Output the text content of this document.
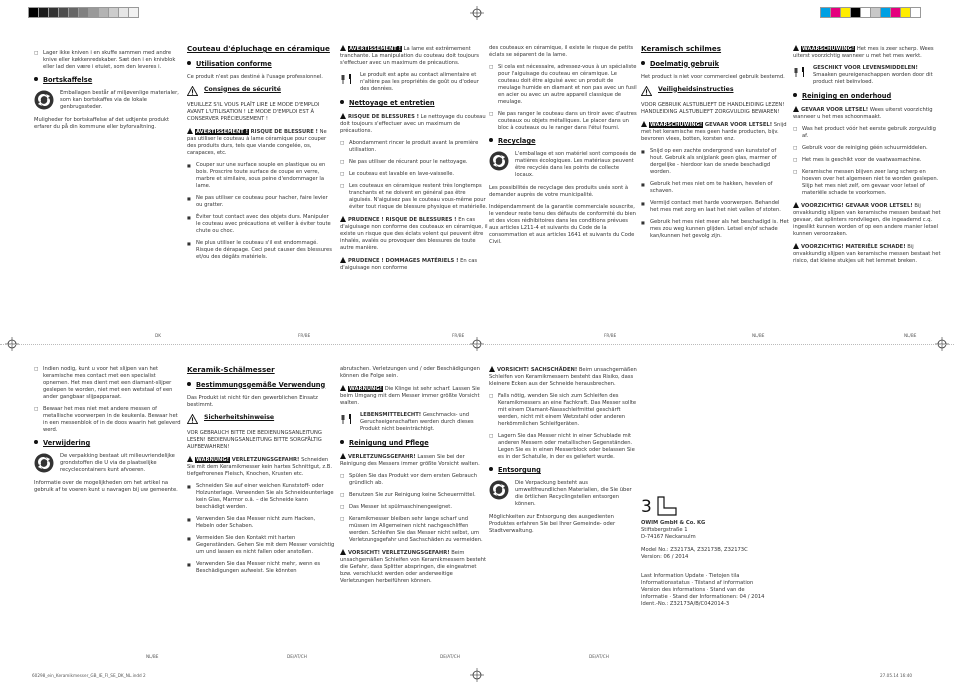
□ Lager ikke kniven i en skuffe sammen med andre knive eller køkkenredskaber. Sæt den i en knivblok eller lad den være i etuiet, som den leveres i.

Bortskaffelse
Emballagen består af miljøvenlige materialer, som kan bortskaffes via de lokale genbrugssteder.

Muligheder for bortskaffelse af det udtjente produkt erfarer du på din kommune eller byforvaltning.

DK
Couteau d'épluchage en céramique
Utilisation conforme

Ce produit n'est pas destiné à l'usage professionnel.

Consignes de sécurité

VEUILLEZ S'IL VOUS PLAÎT LIRE LE MODE D'EMPLOI AVANT L'UTILISATION ! LE MODE D'EMPLOI EST À CONSERVER PRÉCIEUSEMENT !

AVERTISSEMENT ! RISQUE DE BLESSURE ! Ne pas utiliser le couteau à lame céramique pour couper des produits durs, tels que viande congelée, os, carapaces, etc.

■ Couper sur une surface souple en plastique ou en bois. Proscrire toute surface de coupe en verre, marbre et similaire, sous peine d'endommager la lame.

■ Ne pas utiliser ce couteau pour hacher, faire levier ou gratter.

■ Éviter tout contact avec des objets durs. Manipuler le couteau avec précautions et veiller à éviter toute chute ou choc.

■ Ne plus utiliser le couteau s'il est endommagé. Risque de dérapage. Ceci peut causer des blessures et/ou des dégâts matériels.

FR/BE

AVERTISSEMENT ! La lame est extrêmement tranchante. La manipulation du couteau doit toujours s'effectuer avec un maximum de précautions.

Le produit est apte au contact alimentaire et n'altère pas les propriétés de goût ou d'odeur des denrées.
Nettoyage et entretien

RISQUE DE BLESSURES ! Le nettoyage du couteau doit toujours s'effectuer avec un maximum de précautions.

□ Abondamment rincer le produit avant la première utilisation.

□ Ne pas utiliser de récurant pour le nettoyage.

□ Le couteau est lavable en lave-vaisselle.

□ Les couteaux en céramique restent très longtemps tranchants et ne doivent en général pas être aiguisés. N'aiguisez pas le couteau vous-même pour éviter tout risque de blessure physique et matérielle.

PRUDENCE ! RISQUE DE BLESSURES ! En cas d'aiguisage non conforme des couteaux en céramique, il existe un risque que des éclats volent qui peuvent être inhalés, avalés ou provoquer des blessures de toute autre manière.

PRUDENCE ! DOMMAGES MATÉRIELS ! En cas d'aiguisage non conforme

FR/BE

des couteaux en céramique, il existe le risque de petits éclats se séparent de la lame.

□ Si cela est nécessaire, adressez-vous à un spécialiste pour l'aiguisage du couteau en céramique. Le couteau doit être aiguisé avec un produit de meulage humide en diamant et non pas avec un fusil en acier ou avec un autre appareil classique de meulage.

□ Ne pas ranger le couteau dans un tiroir avec d'autres couteaux ou objets métalliques. Le placer dans un bloc à couteaux ou le ranger dans l'étui fourni.

Recyclage
L'emballage et son matériel sont composés de matières écologiques. Les matériaux peuvent être recyclés dans les points de collecte locaux.

Les possibilités de recyclage des produits usés sont à demander auprès de votre municipalité.

Indépendamment de la garantie commerciale souscrite, le vendeur reste tenu des défauts de conformité du bien et des vices rédhibitoires dans les conditions prévues aux articles L211-4 et suivants du Code de la consommation et aux articles 1641 et suivants du Code Civil.

FR/BE
Keramisch schilmes
Doelmatig gebruik

Het product is niet voor commercieel gebruik bestemd.

Veiligheidsinstructies

VOOR GEBRUIK ALSTUBLIEFT DE HANDLEIDING LEZEN! HANDLEIDING ALSTUBLIEFT ZORGVULDIG BEWAREN!

WAARSCHUWING! GEVAAR VOOR LETSEL! Snijd met het keramische mes geen harde producten, bijv. bevroren vlees, botten, korsten enz.

■ Snijd op een zachte ondergrond van kunststof of hout. Gebruik als snijplank geen glas, marmer of dergelijke - hierdoor kan de snede beschadigd worden.

■ Gebruik het mes niet om te hakken, hevelen of schaven.

■ Vermijd contact met harde voorwerpen. Behandel het mes met zorg en laat het niet vallen of stoten.

■ Gebruik het mes niet meer als het beschadigd is. Het mes zou weg kunnen glijden. Letsel en/of schade kan/kunnen het gevolg zijn.

NL/BE

WAARSCHUWING! Het mes is zeer scherp. Wees uiterst voorzichtig wanneer u met het mes werkt.

GESCHIKT VOOR LEVENSMIDDELEN! Smaaken geureigenschappen worden door dit product niet beïnvloed.
Reiniging en onderhoud

GEVAAR VOOR LETSEL! Wees uiterst voorzichtig wanneer u het mes schoonmaakt.

□ Was het product vóór het eerste gebruik zorgvuldig af.

□ Gebruik voor de reiniging géén schuurmiddelen.

□ Het mes is geschikt voor de vaatwasmachine.

□ Keramische messen blijven zeer lang scherp en hoeven over het algemeen niet te worden geslepen. Slijp het mes niet zelf, om gevaar voor letsel of materiële schade te voorkomen.

VOORZICHTIG! GEVAAR VOOR LETSEL! Bij onvakkundig slijpen van keramische messen bestaat het gevaar, dat splinters rondvliegen, die ingeademd c.q. ingeslikt kunnen worden of op een andere manier letsel kunnen veroorzaken.

VOORZICHTIG! MATERIËLE SCHADE! Bij onvakkundig slijpen van keramische messen bestaat het risico, dat kleine stukjes uit het lemmet breken.

NL/BE

□ Indien nodig, kunt u voor het slijpen van het keramische mes contact met een specialist opnemen. Het mes dient met een diamant-slijper geslepen te worden, niet met een wetstaal of een ander gangbaar slijpapparaat.

□ Bewaar het mes niet met andere messen of metallische voorwerpen in de keukenla. Bewaar het in een messenblok of in de doos waarin het geleverd werd.

Verwijdering
De verpakking bestaat uit milieuvriendelijke grondstoffen die U via de plaatselijke recyclecontainers kunt afvoeren.

Informatie over de mogelijkheden om het artikel na gebruik af te voeren kunt u navragen bij uw gemeente.

NL/BE
Keramik-Schälmesser
Bestimmungsgemäße Verwendung

Das Produkt ist nicht für den gewerblichen Einsatz bestimmt.

Sicherheitshinweise

VOR GEBRAUCH BITTE DIE BEDIENUNGSANLEITUNG LESEN! BEDIENUNGSANLEITUNG BITTE SORGFÄLTIG AUFBEWAHREN!

WARNUNG! VERLETZUNGSGEFAHR! Schneiden Sie mit dem Keramikmesser kein hartes Schnittgut, z.B. tiefgefrorenes Fleisch, Knochen, Krusten etc.

■ Schneiden Sie auf einer weichen Kunststoff- oder Holzunterlage. Verwenden Sie als Schneideunterlage kein Glas, Marmor o.ä. – die Schneide kann beschädigt werden.

■ Verwenden Sie das Messer nicht zum Hacken, Hebeln oder Schaben.

■ Vermeiden Sie den Kontakt mit harten Gegenständen. Gehen Sie mit dem Messer vorsichtig um und lassen es nicht fallen oder anstoßen.

■ Verwenden Sie das Messer nicht mehr, wenn es Beschädigungen aufweist. Sie könnten

DE/AT/CH

abrutschen. Verletzungen und / oder Beschädigungen können die Folge sein.

WARNUNG! Die Klinge ist sehr scharf. Lassen Sie beim Umgang mit dem Messer immer größte Vorsicht walten.

LEBENSMITTELECHT! Geschmacks- und Geruchseigenschaften werden durch dieses Produkt nicht beeinträchtigt.
Reinigung und Pflege

VERLETZUNGSGEFAHR! Lassen Sie bei der Reinigung des Messers immer größte Vorsicht walten.

□ Spülen Sie das Produkt vor dem ersten Gebrauch gründlich ab.

□ Benutzen Sie zur Reinigung keine Scheuermittel.

□ Das Messer ist spülmaschinengeeignet.

□ Keramikmesser bleiben sehr lange scharf und müssen im Allgemeinen nicht nachgeschliffen werden. Schleifen Sie das Messer nicht selbst, um Verletzungsgefahr und Sachschäden zu vermeiden.

VORSICHT! VERLETZUNGSGEFAHR! Beim unsachgemäßen Schleifen von Keramikmessern besteht die Gefahr, dass Splitter abspringen, die eingeatmet bzw. verschluckt werden oder anderweitige Verletzungen herbeiführen können.

DE/AT/CH

VORSICHT! SACHSCHÄDEN! Beim unsachgemäßen Schleifen von Keramikmessern besteht das Risiko, dass kleinere Ecken aus der Schneide herausbrechen.

□ Falls nötig, wenden Sie sich zum Schleifen des Keramikmessers an eine Fachkraft. Das Messer sollte mit einem Diamant-Nassschleifmittel geschärft werden, nicht mit einem Wetzstahl oder anderen herkömmlichen Schleifgeräten.

□ Lagern Sie das Messer nicht in einer Schublade mit anderen Messern oder metallischen Gegenständen. Legen Sie es in einen Messerblock oder belassen Sie es in der Schatulle, in der es geliefert wurde.

Entsorgung
Die Verpackung besteht aus umweltfreundlichen Materialien, die Sie über die örtlichen Recyclingstellen entsorgen können.

Möglichkeiten zur Entsorgung des ausgedienten Produktes erfahren Sie bei Ihrer Gemeinde- oder Stadtverwaltung.

DE/AT/CH
3

OWIM GmbH & Co. KG

Stiftsbergstraße 1

D-74167 Neckarsulm

Model No.: Z32173A, Z32173B, Z32173C

Version: 06 / 2014

Last Information Update · Tietojen tila

Informationsstatus · Tilstand af information

Version des informations · Stand van de

informatie · Stand der Informationen: 04 / 2014

Ident.-No.: Z32173A/B/C042014-3

60298_ein_Keramikmesser_GB_IE_FI_SE_DK_NL.indd 2	27.05.14 16:40
